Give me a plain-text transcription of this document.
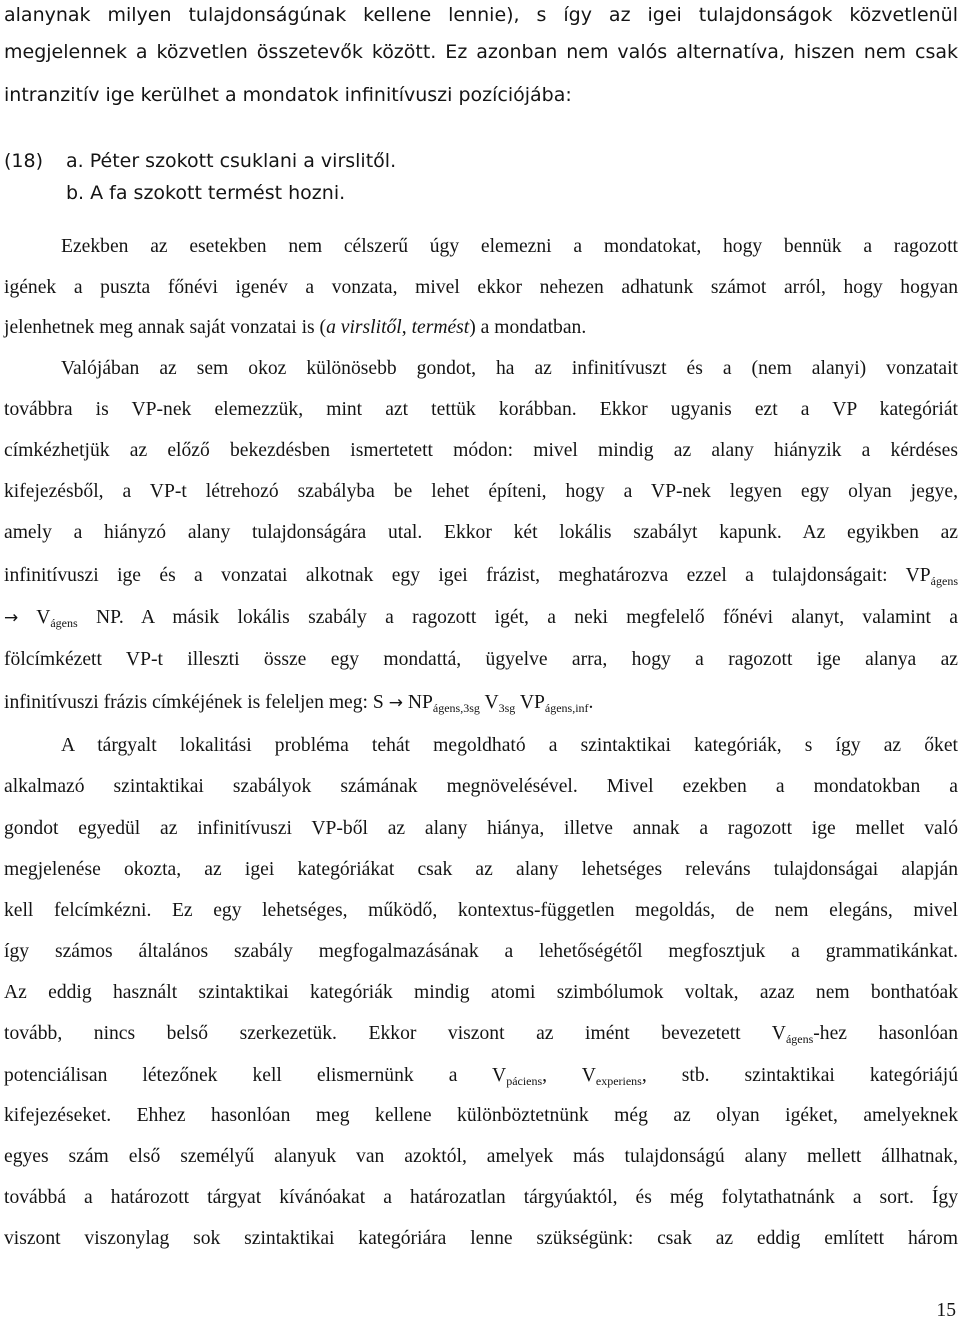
alanynak milyen tulajdonságúnak kellene lennie), s így az igei tulajdonságok közvetlenül
megjelennek a közvetlen összetevők között. Ez azonban nem valós alternatíva, hiszen nem csak
intranzitív ige kerülhet a mondatok infinitívuszi pozíciójába:
(18) a. Péter szokott csuklani a virslitől.
b. A fa szokott termést hozni.
Ezekben az esetekben nem célszerű úgy elemezni a mondatokat, hogy bennük a ragozott
igének a puszta főnévi igenév a vonzata, mivel ekkor nehezen adhatunk számot arról, hogy hogyan
jelenhetnek meg annak saját vonzatai is (a virslitől, termést) a mondatban.
Valójában az sem okoz különösebb gondot, ha az infinitívuszt és a (nem alanyi) vonzatait
továbbra is VP-nek elemezzük, mint azt tettük korábban. Ekkor ugyanis ezt a VP kategóriát
címkézhetjük az előző bekezdésben ismertetett módon: mivel mindig az alany hiányzik a kérdéses
kifejezésből, a VP-t létrehozó szabályba be lehet építeni, hogy a VP-nek legyen egy olyan jegye,
amely a hiányzó alany tulajdonságára utal. Ekkor két lokális szabályt kapunk. Az egyikben az
infinitívuszi ige és a vonzatai alkotnak egy igei frázist, meghatározva ezzel a tulajdonságait: $VP_{ágens}$
→ $V_{ágens}$ NP. A másik lokális szabály a ragozott igét, a neki megfelelő főnévi alanyt, valamint a
fölcímkézett VP-t illeszti össze egy mondattá, ügyelve arra, hogy a ragozott ige alanya az
infinitívuszi frázis címkéjének is feleljen meg: $S \to NP_{ágens,3sg}$ $V_{3sg}$ $VP_{ágens,inf}$.
A tárgyalt lokalitási probléma tehát megoldható a szintaktikai kategóriák, s így az őket
alkalmazó szintaktikai szabályok számának megnövelésével. Mivel ezekben a mondatokban a
gondot egyedül az infinitívuszi VP-ből az alany hiánya, illetve annak a ragozott ige mellet való
megjelenése okozta, az igei kategóriákat csak az alany lehetséges releváns tulajdonságai alapján
kell felcímkézni. Ez egy lehetséges, működő, kontextus-független megoldás, de nem elegáns, mivel
így számos általános szabály megfogalmazásának a lehetőségétől megfosztjuk a grammatikánkat.
Az eddig használt szintaktikai kategóriák mindig atomi szimbólumok voltak, azaz nem bonthatóak
tovább, nincs belső szerkezetük. Ekkor viszont az imént bevezetett $V_{ágens}$-hez hasonlóan
potenciálisan létezőnek kell elismernünk a $V_{páciens}$, $V_{experiens}$, stb. szintaktikai kategóriájú
kifejezéseket. Ehhez hasonlóan meg kellene különböztetnünk még az olyan igéket, amelyeknek
egyes szám első személyű alanyuk van azoktól, amelyek más tulajdonságú alany mellett állhatnak,
továbbá a határozott tárgyat kívánóakat a határozatlan tárgyúaktól, és még folytathatnánk a sort. Így
viszont viszonylag sok szintaktikai kategóriára lenne szükségünk: csak az eddig említett három
15
